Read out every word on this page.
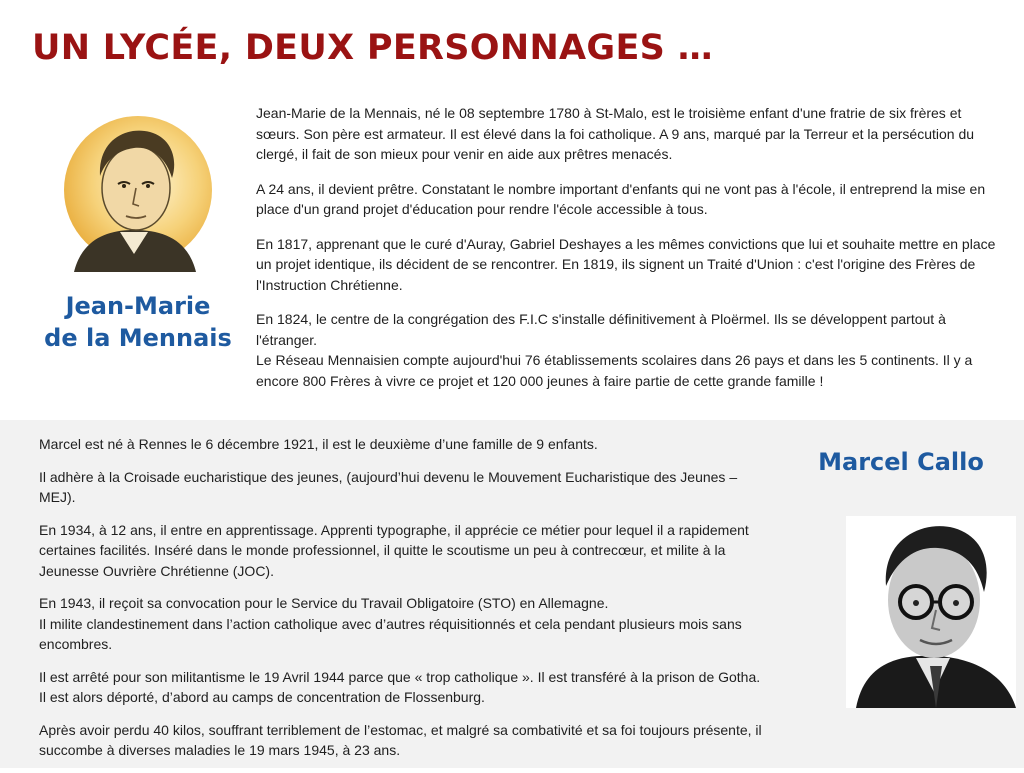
UN LYCÉE, DEUX PERSONNAGES …
Jean-Marie
de la Mennais

Jean-Marie de la Mennais, né le 08 septembre 1780 à St-Malo, est le troisième enfant d'une fratrie de six frères et sœurs. Son père est armateur. Il est élevé dans la foi catholique. A 9 ans, marqué par la Terreur et la persécution du clergé, il fait de son mieux pour venir en aide aux prêtres menacés.

A 24 ans, il devient prêtre. Constatant le nombre important d'enfants qui ne vont pas à l'école, il entreprend la mise en place d'un grand projet d'éducation pour rendre l'école accessible à tous.

En 1817, apprenant que le curé d'Auray, Gabriel Deshayes a les mêmes convictions que lui et souhaite mettre en place un projet identique, ils décident de se rencontrer. En 1819, ils signent un Traité d'Union : c'est l'origine des Frères de l'Instruction Chrétienne.

En 1824, le centre de la congrégation des F.I.C s'installe définitivement à Ploërmel. Ils se développent partout à l'étranger.
Le Réseau Mennaisien compte aujourd'hui 76 établissements scolaires dans 26 pays et dans les 5 continents. Il y a encore 800 Frères à vivre ce projet et 120 000 jeunes à faire partie de cette grande famille !

Marcel est né à Rennes le 6 décembre 1921, il est le deuxième d’une famille de 9 enfants.

Il adhère à la Croisade eucharistique des jeunes, (aujourd’hui devenu le Mouvement Eucharistique des Jeunes – MEJ).

En 1934, à 12 ans, il entre en apprentissage. Apprenti typographe, il apprécie ce métier pour lequel il a rapidement certaines facilités. Inséré dans le monde professionnel, il quitte le scoutisme un peu à contrecœur, et milite à la Jeunesse Ouvrière Chrétienne (JOC).

En 1943, il reçoit sa convocation pour le Service du Travail Obligatoire (STO) en Allemagne.
Il milite clandestinement dans l’action catholique avec d’autres réquisitionnés et cela pendant plusieurs mois sans encombres.

Il est arrêté pour son militantisme le 19 Avril 1944 parce que « trop catholique ». Il est transféré à la prison de Gotha. Il est alors déporté, d’abord au camps de concentration de Flossenburg.

Après avoir perdu 40 kilos, souffrant terriblement de l’estomac, et malgré sa combativité et sa foi toujours présente, il succombe à diverses maladies le 19 mars 1945, à 23 ans.

Marcel Callo
